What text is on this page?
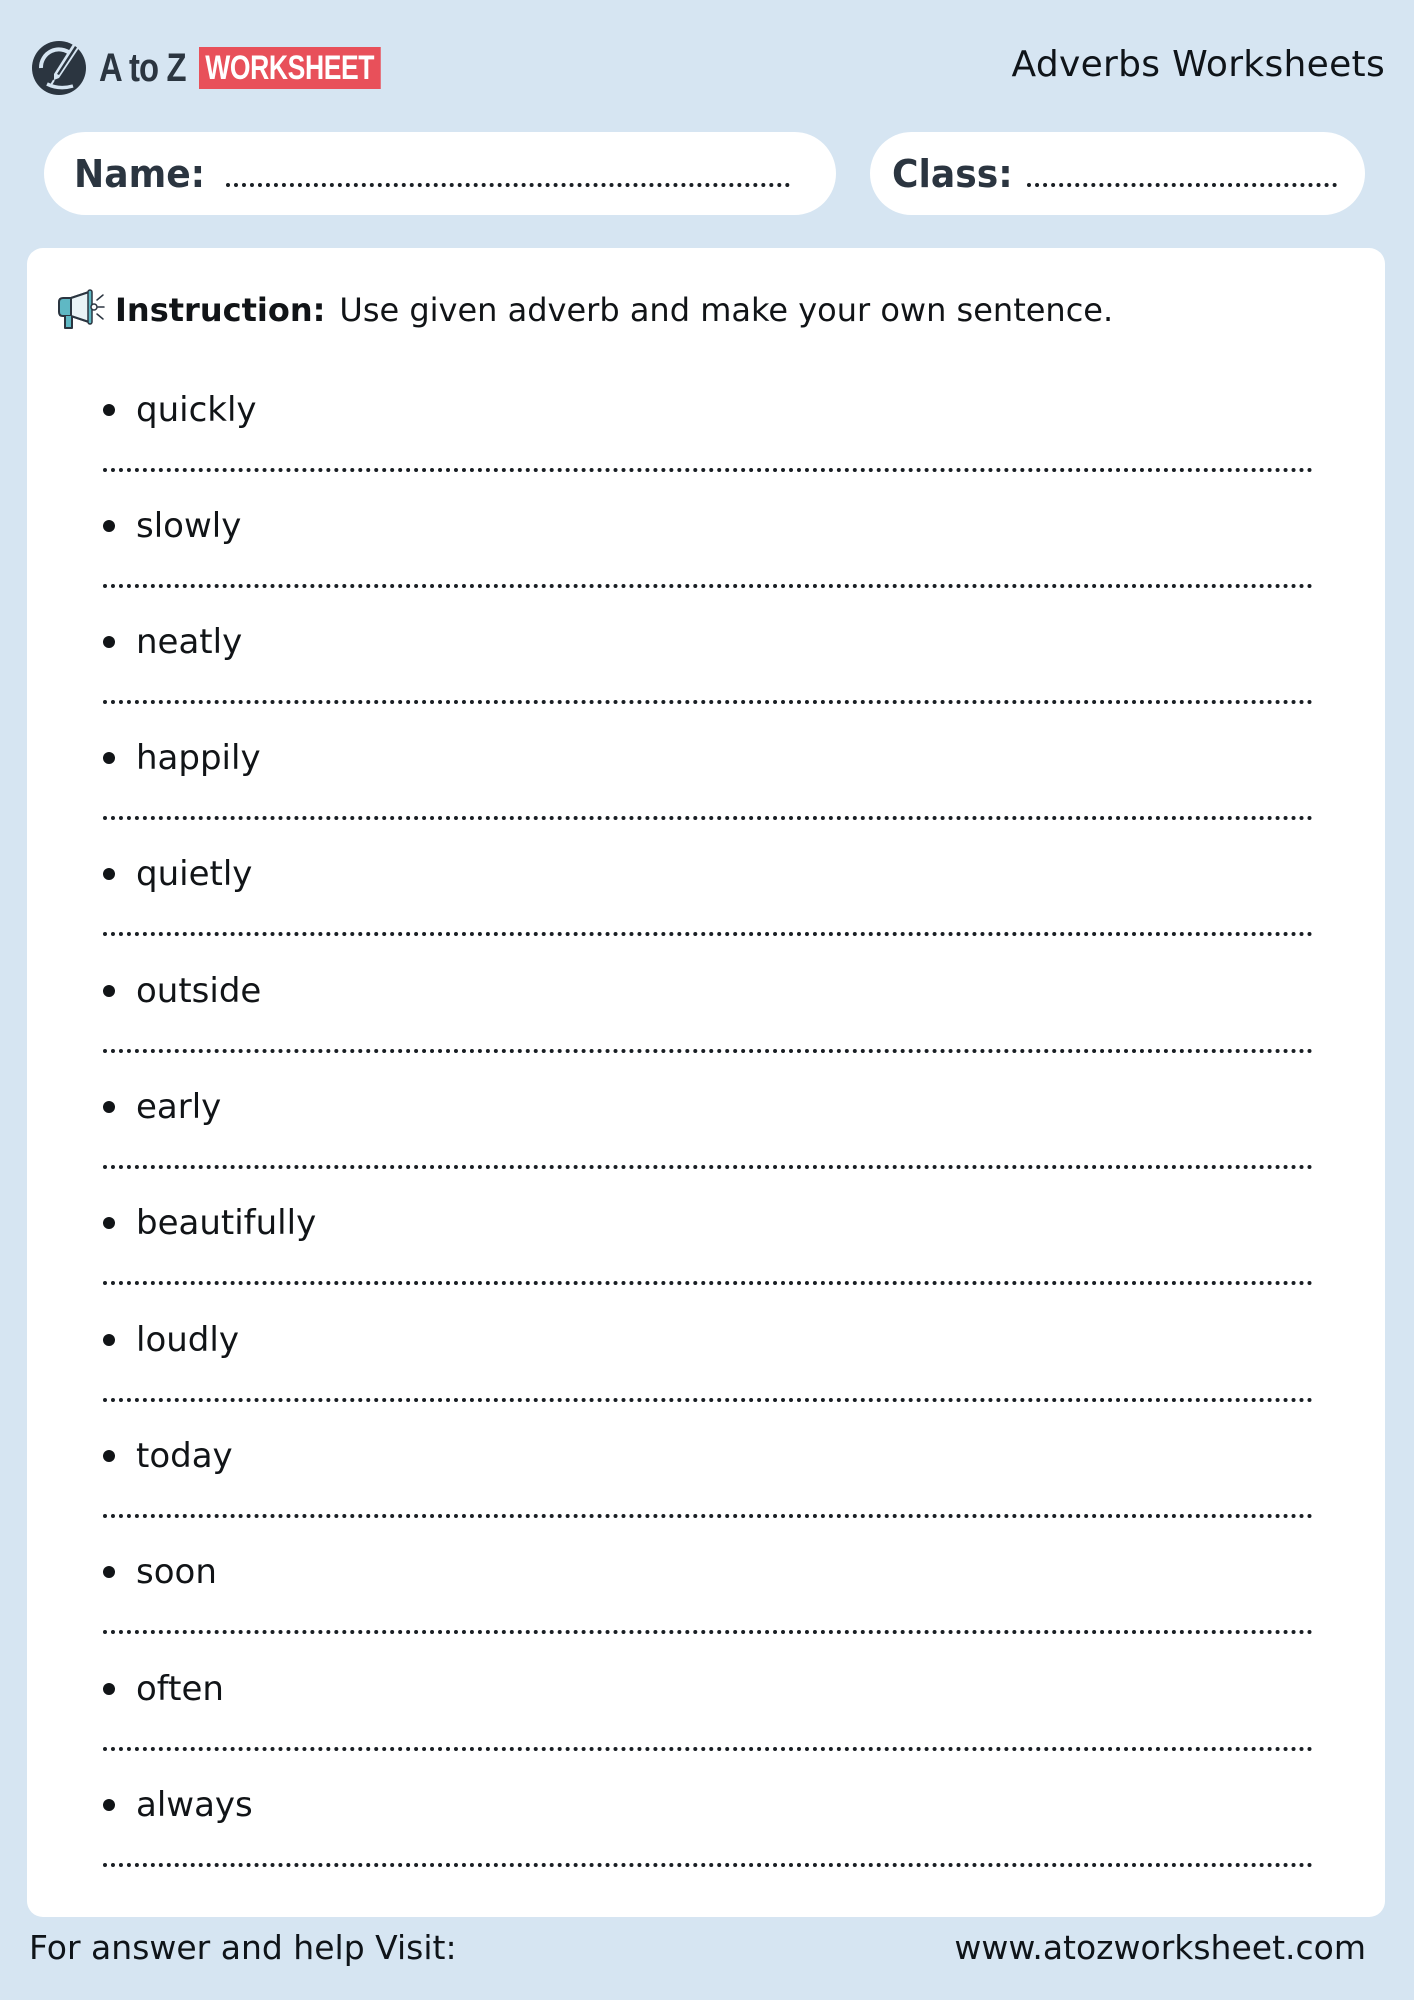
A to Z WORKSHEET	Adverbs Worksheets
Name:	Class:
Instruction: Use given adverb and make your own sentence.
quickly
slowly
neatly
happily
quietly
outside
early
beautifully
loudly
today
soon
often
always
For answer and help Visit:	www.atozworksheet.com
